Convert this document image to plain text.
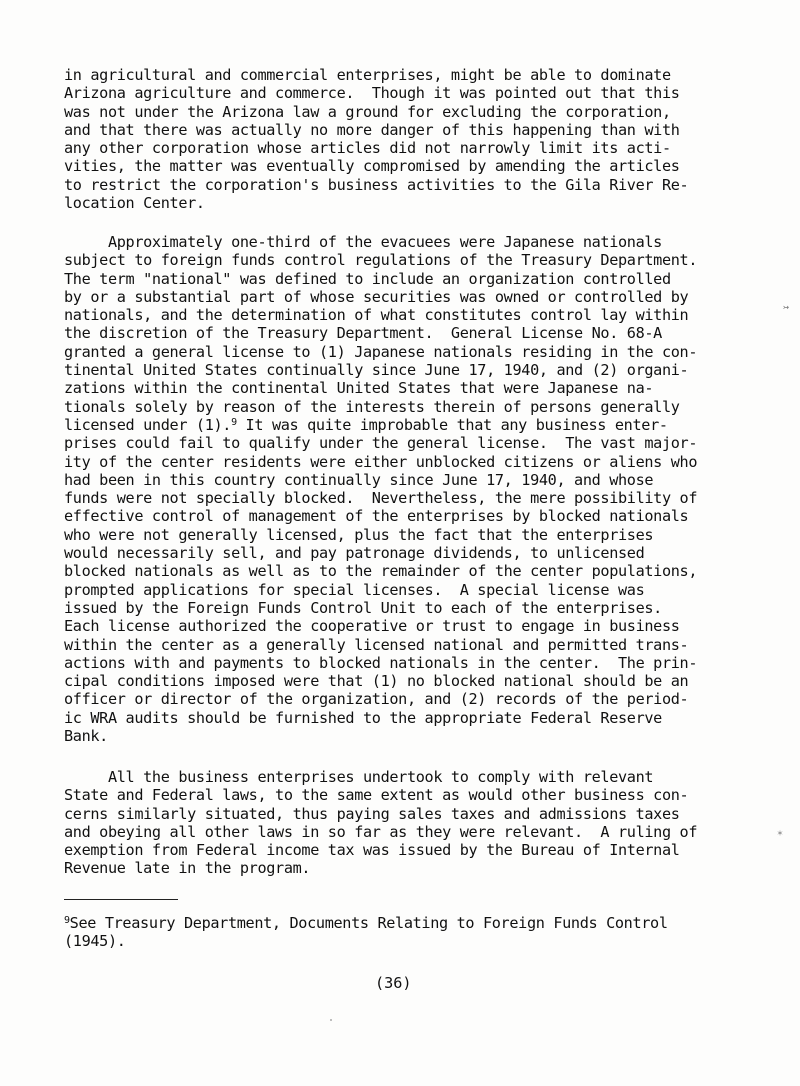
in agricultural and commercial enterprises, might be able to dominate
Arizona agriculture and commerce.  Though it was pointed out that this
was not under the Arizona law a ground for excluding the corporation,
and that there was actually no more danger of this happening than with
any other corporation whose articles did not narrowly limit its acti-
vities, the matter was eventually compromised by amending the articles
to restrict the corporation's business activities to the Gila River Re-
location Center.
Approximately one-third of the evacuees were Japanese nationals
subject to foreign funds control regulations of the Treasury Department.
The term "national" was defined to include an organization controlled
by or a substantial part of whose securities was owned or controlled by
nationals, and the determination of what constitutes control lay within
the discretion of the Treasury Department.  General License No. 68-A
granted a general license to (1) Japanese nationals residing in the con-
tinental United States continually since June 17, 1940, and (2) organi-
zations within the continental United States that were Japanese na-
tionals solely by reason of the interests therein of persons generally
licensed under (1).$^9$ It was quite improbable that any business enter-
prises could fail to qualify under the general license.  The vast major-
ity of the center residents were either unblocked citizens or aliens who
had been in this country continually since June 17, 1940, and whose
funds were not specially blocked.  Nevertheless, the mere possibility of
effective control of management of the enterprises by blocked nationals
who were not generally licensed, plus the fact that the enterprises
would necessarily sell, and pay patronage dividends, to unlicensed
blocked nationals as well as to the remainder of the center populations,
prompted applications for special licenses.  A special license was
issued by the Foreign Funds Control Unit to each of the enterprises.
Each license authorized the cooperative or trust to engage in business
within the center as a generally licensed national and permitted trans-
actions with and payments to blocked nationals in the center.  The prin-
cipal conditions imposed were that (1) no blocked national should be an
officer or director of the organization, and (2) records of the period-
ic WRA audits should be furnished to the appropriate Federal Reserve
Bank.
All the business enterprises undertook to comply with relevant
State and Federal laws, to the same extent as would other business con-
cerns similarly situated, thus paying sales taxes and admissions taxes
and obeying all other laws in so far as they were relevant.  A ruling of
exemption from Federal income tax was issued by the Bureau of Internal
Revenue late in the program.
$^9$See Treasury Department, Documents Relating to Foreign Funds Control
(1945).
(36)
↣
✶
